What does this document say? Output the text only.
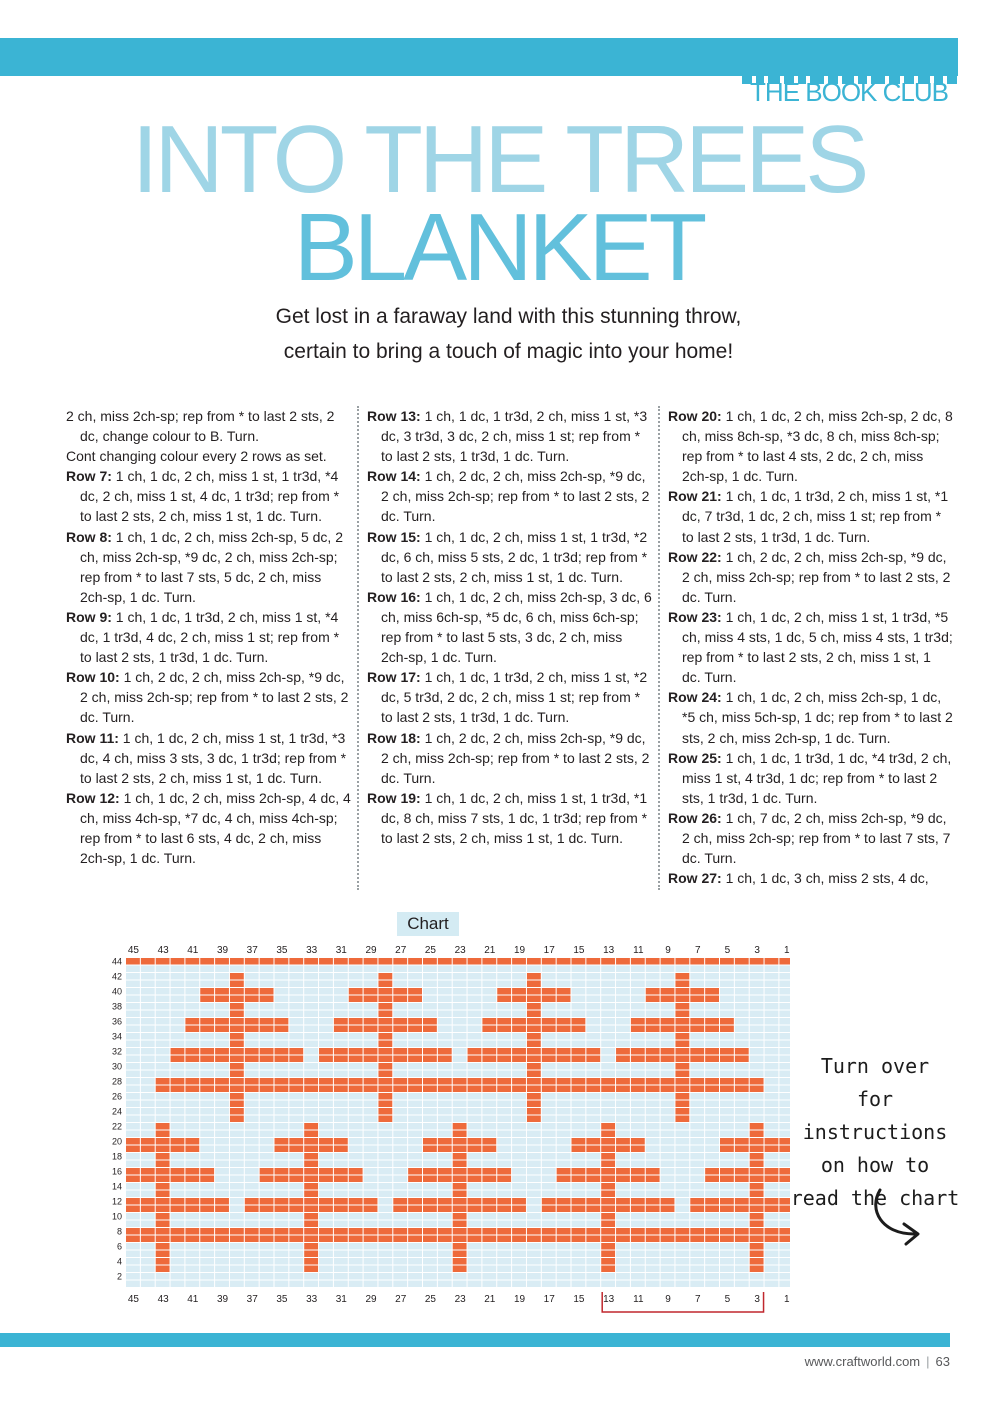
THE BOOK CLUB
INTO THE TREES
BLANKET
Get lost in a faraway land with this stunning throw,
certain to bring a touch of magic into your home!

2 ch, miss 2ch-sp; rep from * to last 2 sts, 2 dc, change colour to B. Turn.

Cont changing colour every 2 rows as set.

Row 7: 1 ch, 1 dc, 2 ch, miss 1 st, 1 tr3d, *4 dc, 2 ch, miss 1 st, 4 dc, 1 tr3d; rep from * to last 2 sts, 2 ch, miss 1 st, 1 dc. Turn.

Row 8: 1 ch, 1 dc, 2 ch, miss 2ch-sp, 5 dc, 2 ch, miss 2ch-sp, *9 dc, 2 ch, miss 2ch-sp; rep from * to last 7 sts, 5 dc, 2 ch, miss 2ch-sp, 1 dc. Turn.

Row 9: 1 ch, 1 dc, 1 tr3d, 2 ch, miss 1 st, *4 dc, 1 tr3d, 4 dc, 2 ch, miss 1 st; rep from * to last 2 sts, 1 tr3d, 1 dc. Turn.

Row 10: 1 ch, 2 dc, 2 ch, miss 2ch-sp, *9 dc, 2 ch, miss 2ch-sp; rep from * to last 2 sts, 2 dc. Turn.

Row 11: 1 ch, 1 dc, 2 ch, miss 1 st, 1 tr3d, *3 dc, 4 ch, miss 3 sts, 3 dc, 1 tr3d; rep from * to last 2 sts, 2 ch, miss 1 st, 1 dc. Turn.

Row 12: 1 ch, 1 dc, 2 ch, miss 2ch-sp, 4 dc, 4 ch, miss 4ch-sp, *7 dc, 4 ch, miss 4ch-sp; rep from * to last 6 sts, 4 dc, 2 ch, miss 2ch-sp, 1 dc. Turn.

Row 13: 1 ch, 1 dc, 1 tr3d, 2 ch, miss 1 st, *3 dc, 3 tr3d, 3 dc, 2 ch, miss 1 st; rep from * to last 2 sts, 1 tr3d, 1 dc. Turn.

Row 14: 1 ch, 2 dc, 2 ch, miss 2ch-sp, *9 dc, 2 ch, miss 2ch-sp; rep from * to last 2 sts, 2 dc. Turn.

Row 15: 1 ch, 1 dc, 2 ch, miss 1 st, 1 tr3d, *2 dc, 6 ch, miss 5 sts, 2 dc, 1 tr3d; rep from * to last 2 sts, 2 ch, miss 1 st, 1 dc. Turn.

Row 16: 1 ch, 1 dc, 2 ch, miss 2ch-sp, 3 dc, 6 ch, miss 6ch-sp, *5 dc, 6 ch, miss 6ch-sp; rep from * to last 5 sts, 3 dc, 2 ch, miss 2ch-sp, 1 dc. Turn.

Row 17: 1 ch, 1 dc, 1 tr3d, 2 ch, miss 1 st, *2 dc, 5 tr3d, 2 dc, 2 ch, miss 1 st; rep from * to last 2 sts, 1 tr3d, 1 dc. Turn.

Row 18: 1 ch, 2 dc, 2 ch, miss 2ch-sp, *9 dc, 2 ch, miss 2ch-sp; rep from * to last 2 sts, 2 dc. Turn.

Row 19: 1 ch, 1 dc, 2 ch, miss 1 st, 1 tr3d, *1 dc, 8 ch, miss 7 sts, 1 dc, 1 tr3d; rep from * to last 2 sts, 2 ch, miss 1 st, 1 dc. Turn.

Row 20: 1 ch, 1 dc, 2 ch, miss 2ch-sp, 2 dc, 8 ch, miss 8ch-sp, *3 dc, 8 ch, miss 8ch-sp; rep from * to last 4 sts, 2 dc, 2 ch, miss 2ch-sp, 1 dc. Turn.

Row 21: 1 ch, 1 dc, 1 tr3d, 2 ch, miss 1 st, *1 dc, 7 tr3d, 1 dc, 2 ch, miss 1 st; rep from * to last 2 sts, 1 tr3d, 1 dc. Turn.

Row 22: 1 ch, 2 dc, 2 ch, miss 2ch-sp, *9 dc, 2 ch, miss 2ch-sp; rep from * to last 2 sts, 2 dc. Turn.

Row 23: 1 ch, 1 dc, 2 ch, miss 1 st, 1 tr3d, *5 ch, miss 4 sts, 1 dc, 5 ch, miss 4 sts, 1 tr3d; rep from * to last 2 sts, 2 ch, miss 1 st, 1 dc. Turn.

Row 24: 1 ch, 1 dc, 2 ch, miss 2ch-sp, 1 dc, *5 ch, miss 5ch-sp, 1 dc; rep from * to last 2 sts, 2 ch, miss 2ch-sp, 1 dc. Turn.

Row 25: 1 ch, 1 dc, 1 tr3d, 1 dc, *4 tr3d, 2 ch, miss 1 st, 4 tr3d, 1 dc; rep from * to last 2 sts, 1 tr3d, 1 dc. Turn.

Row 26: 1 ch, 7 dc, 2 ch, miss 2ch-sp, *9 dc, 2 ch, miss 2ch-sp; rep from * to last 7 sts, 7 dc. Turn.

Row 27: 1 ch, 1 dc, 3 ch, miss 2 sts, 4 dc,

Chart
45 43 41 39 37 35 33 31 29 27 25 23 21 19 17 15 13 11 9 7 5 3 1
45 43 41 39 37 35 33 31 29 27 25 23 21 19 17 15 13 11 9 7 5 3 1
44
42
40
38
36
34
32
30
28
26
24
22
20
18
16
14
12
10
8
6
4
2
Turn over
for instructions
on how to
read the chart
www.craftworld.com | 63
